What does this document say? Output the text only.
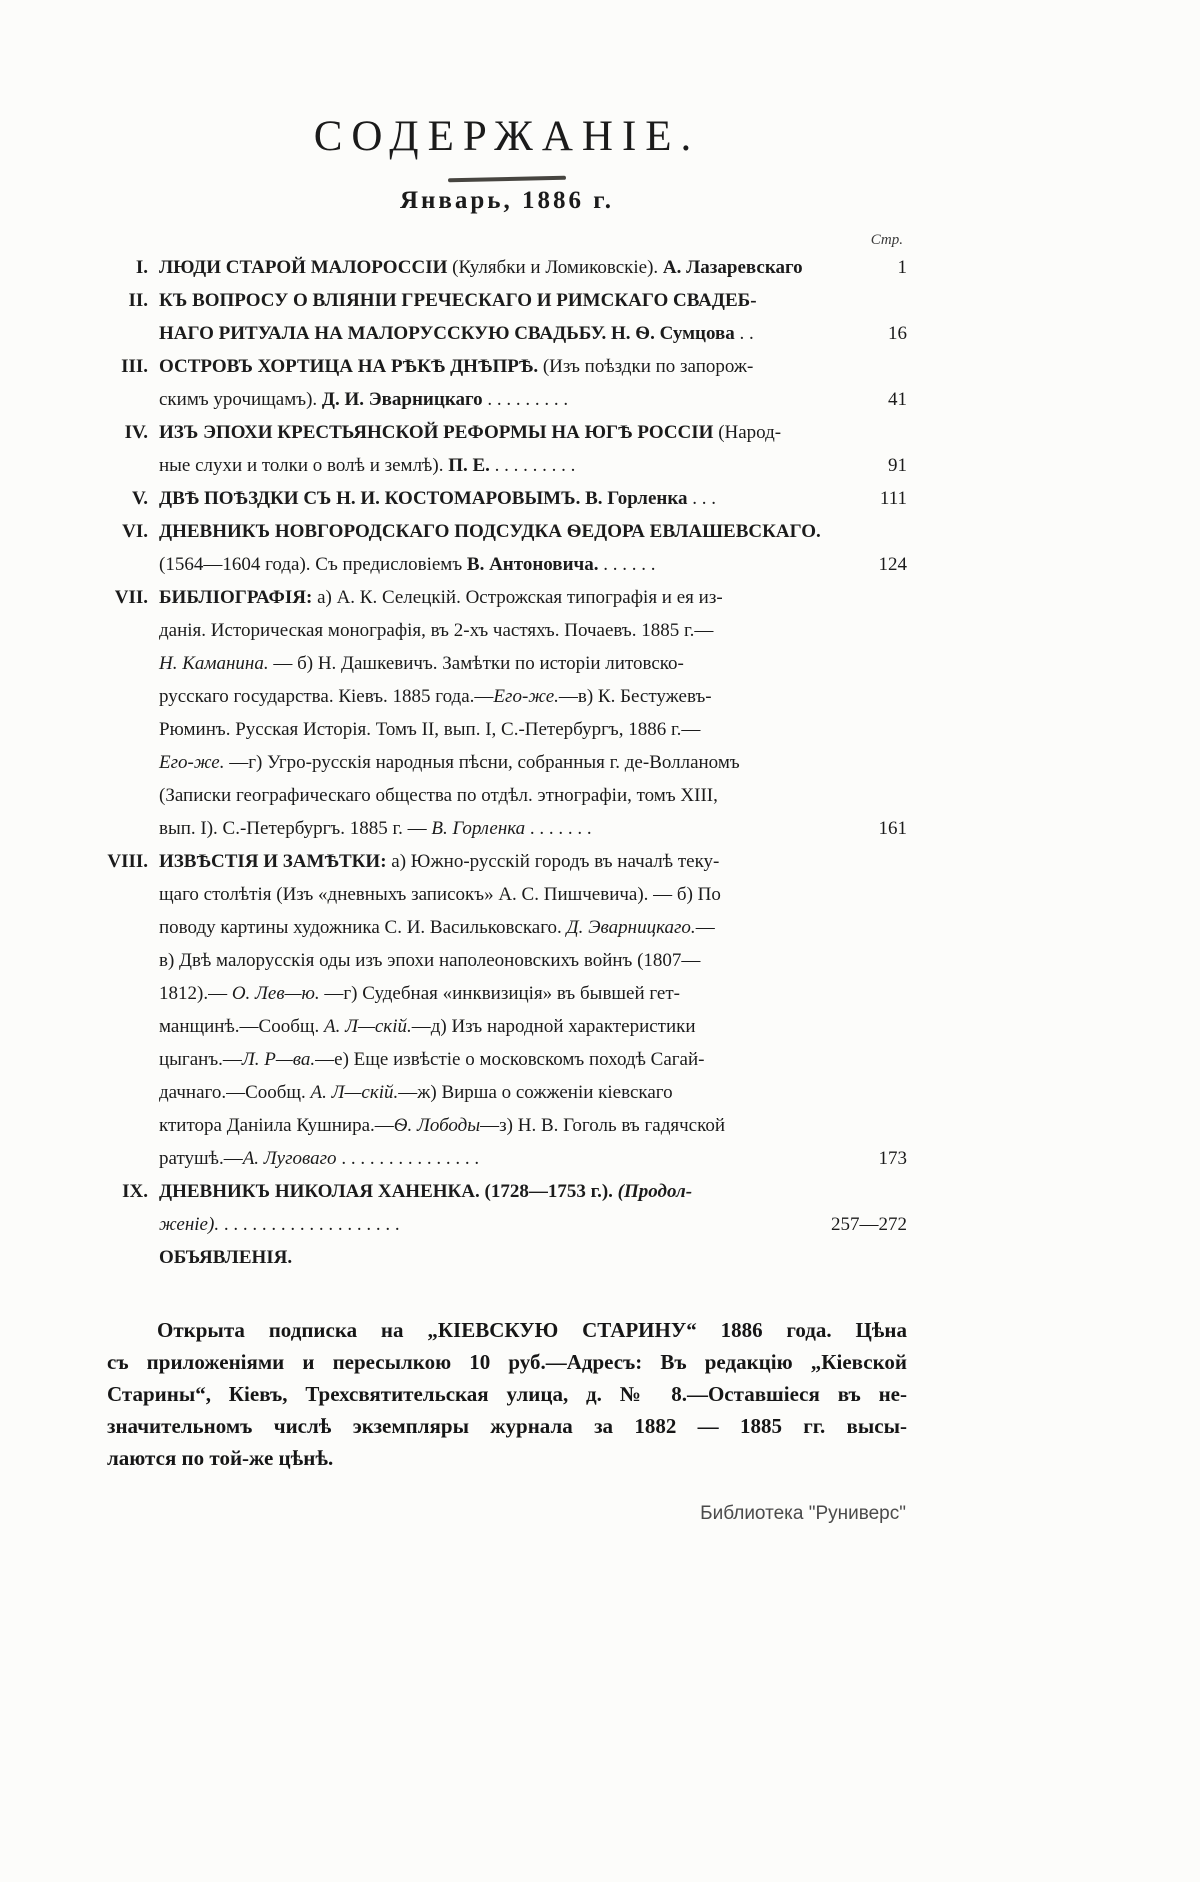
СОДЕРЖАНІЕ.
Январь, 1886 г.
Стр.
I. ЛЮДИ СТАРОЙ МАЛОРОССІИ (Кулябки и Ломиковскіе). А. Лазаревскаго	1
II. КЪ ВОПРОСУ О ВЛІЯНІИ ГРЕЧЕСКАГО И РИМСКАГО СВАДЕБ-
НАГО РИТУАЛА НА МАЛОРУССКУЮ СВАДЬБУ. Н. Ѳ. Сумцова . .	16
III. ОСТРОВЪ ХОРТИЦА НА РѢКѢ ДНѢПРѢ. (Изъ поѣздки по запорож-
скимъ урочищамъ). Д. И. Эварницкаго . . . . . . . . .	41
IV. ИЗЪ ЭПОХИ КРЕСТЬЯНСКОЙ РЕФОРМЫ НА ЮГѢ РОССІИ (Народ-
ные слухи и толки о волѣ и землѣ). П. Е. . . . . . . . . .	91
V. ДВѢ ПОѢЗДКИ СЪ Н. И. КОСТОМАРОВЫМЪ. В. Горленка . . .	111
VI. ДНЕВНИКЪ НОВГОРОДСКАГО ПОДСУДКА ѲЕДОРА ЕВЛАШЕВСКАГО.
(1564—1604 года). Съ предисловіемъ В. Антоновича. . . . . . .	124
VII. БИБЛІОГРАФІЯ: а) А. К. Селецкій. Острожская типографія и ея из-
данія. Историческая монографія, въ 2-хъ частяхъ. Почаевъ. 1885 г.—
Н. Каманина. — б) Н. Дашкевичъ. Замѣтки по исторіи литовско-
русскаго государства. Кіевъ. 1885 года.—Его-же.—в) К. Бестужевъ-
Рюминъ. Русская Исторія. Томъ ІІ, вып. І, С.-Петербургъ, 1886 г.—
Его-же. —г) Угро-русскія народныя пѣсни, собранныя г. де-Волланомъ
(Записки географическаго общества по отдѣл. этнографіи, томъ XIII,
вып. І). С.-Петербургъ. 1885 г. — В. Горленка . . . . . . .	161
VIII. ИЗВѢСТІЯ И ЗАМѢТКИ: а) Южно-русскій городъ въ началѣ теку-
щаго столѣтія (Изъ «дневныхъ записокъ» А. С. Пишчевича). — б) По
поводу картины художника С. И. Васильковскаго. Д. Эварницкаго.—
в) Двѣ малорусскія оды изъ эпохи наполеоновскихъ войнъ (1807—
1812).— О. Лев—ю. —г) Судебная «инквизиція» въ бывшей гет-
манщинѣ.—Сообщ. А. Л—скій.—д) Изъ народной характеристики
цыганъ.—Л. Р—ва.—е) Еще извѣстіе о московскомъ походѣ Сагай-
дачнаго.—Сообщ. А. Л—скій.—ж) Вирша о сожженіи кіевскаго
ктитора Даніила Кушнира.—Ѳ. Лободы—з) Н. В. Гоголь въ гадячской
ратушѣ.—А. Луговаго . . . . . . . . . . . . . . .	173
IX. ДНЕВНИКЪ НИКОЛАЯ ХАНЕНКА. (1728—1753 г.). (Продол-
женіе). . . . . . . . . . . . . . . . . . . .	257—272
ОБЪЯВЛЕНІЯ.
Открыта подписка на „КІЕВСКУЮ СТАРИНУ“ 1886 года. Цѣна
съ приложеніями и пересылкою 10 руб.—Адресъ: Въ редакцію „Кіевской
Старины“, Кіевъ, Трехсвятительская улица, д. № 8.—Оставшіеся въ не-
значительномъ числѣ экземпляры журнала за 1882 — 1885 гг. высы-
лаются по той-же цѣнѣ.
Библиотека "Руниверс"
